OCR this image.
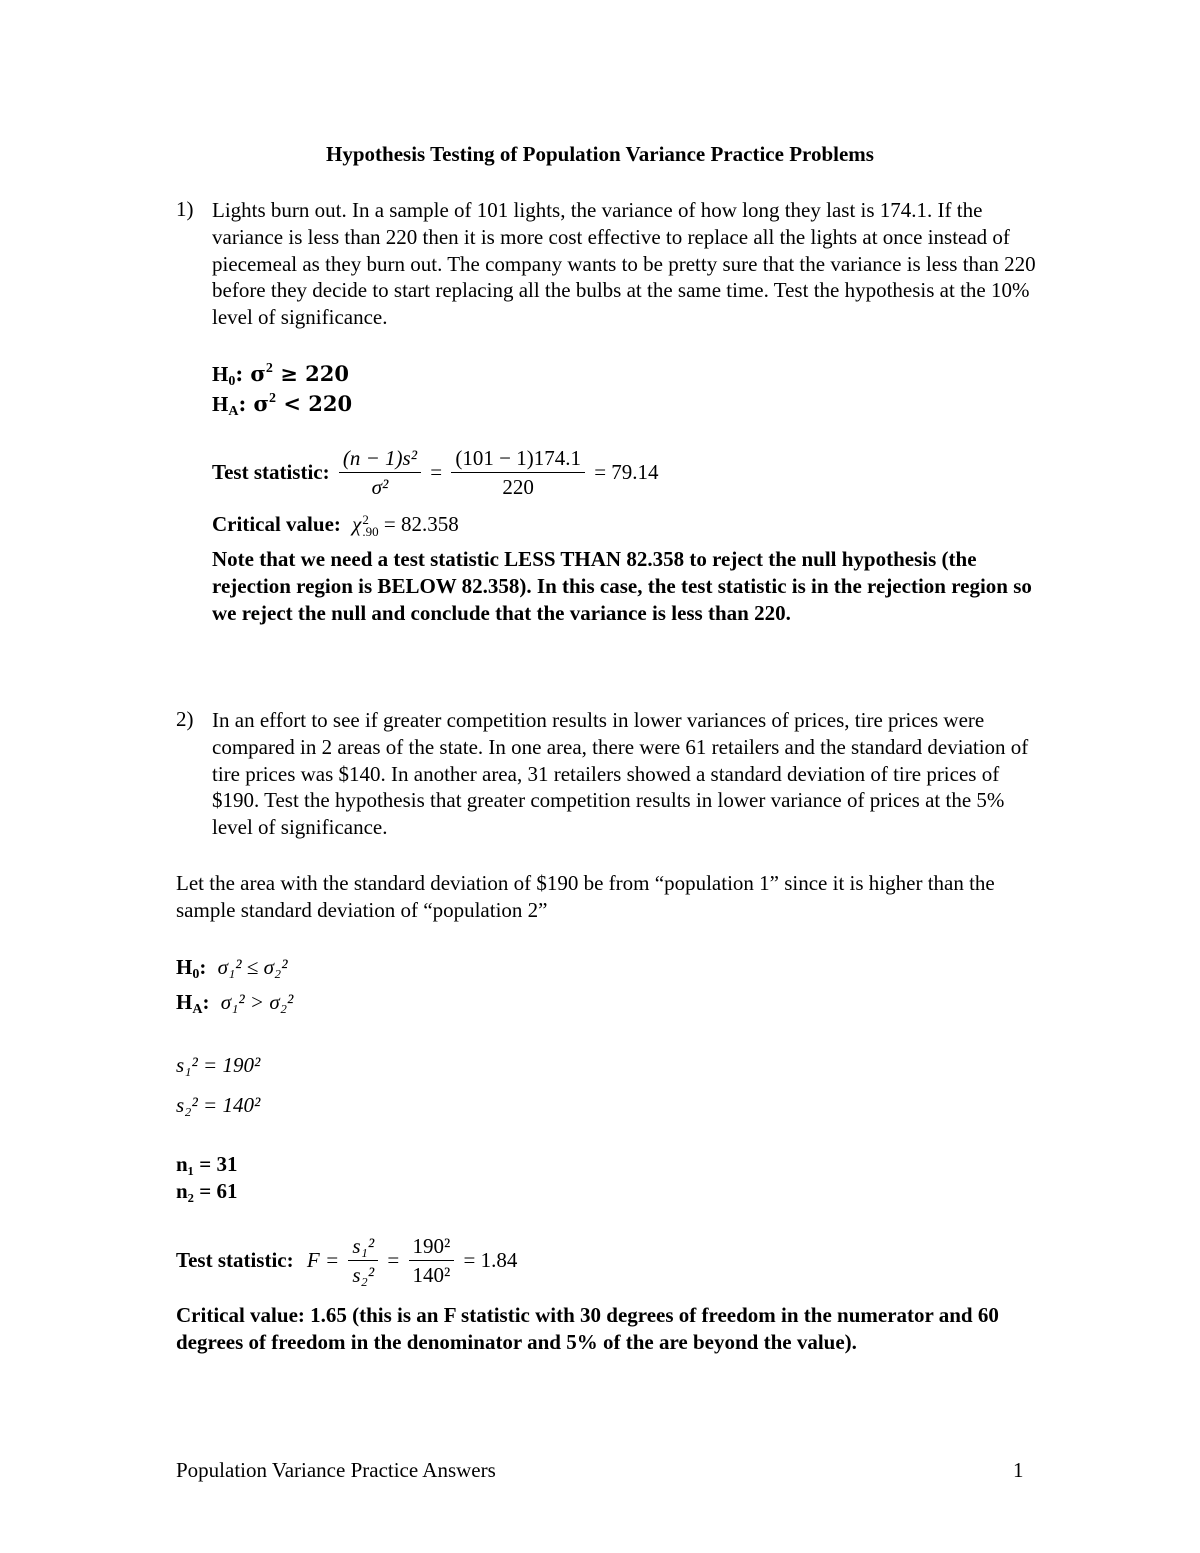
Hypothesis Testing of Population Variance Practice Problems
1) Lights burn out. In a sample of 101 lights, the variance of how long they last is 174.1. If the variance is less than 220 then it is more cost effective to replace all the lights at once instead of piecemeal as they burn out. The company wants to be pretty sure that the variance is less than 220 before they decide to start replacing all the bulbs at the same time. Test the hypothesis at the 10% level of significance.
H0: $\sigma^2 \ge 220$
HA: $\sigma^2 < 220$
Test statistic: $\frac{\text{(n − 1)s²}}{\text{σ²}} = \frac{(101 - 1)174.1}{220} = 79.14$
Critical value: χ 2
.90 = 82.358
Note that we need a test statistic LESS THAN 82.358 to reject the null hypothesis (the rejection region is BELOW 82.358). In this case, the test statistic is in the rejection region so we reject the null and conclude that the variance is less than 220.
2) In an effort to see if greater competition results in lower variances of prices, tire prices were compared in 2 areas of the state. In one area, there were 61 retailers and the standard deviation of tire prices was $140. In another area, 31 retailers showed a standard deviation of tire prices of $190. Test the hypothesis that greater competition results in lower variance of prices at the 5% level of significance.
Let the area with the standard deviation of $190 be from “population 1” since it is higher than the sample standard deviation of “population 2”
H0: σ₁² ≤ σ₂²
HA: σ₁² > σ₂²
s₁² = 190²
s₂² = 140²
n₁ = 31
n₂ = 61
Test statistic: $F = \frac{\text{s₁²}}{\text{s₂²}} = \frac{\text{190²}}{\text{140²}} = 1.84$
Critical value: 1.65 (this is an F statistic with 30 degrees of freedom in the numerator and 60 degrees of freedom in the denominator and 5% of the are beyond the value).
Population Variance Practice Answers	1
